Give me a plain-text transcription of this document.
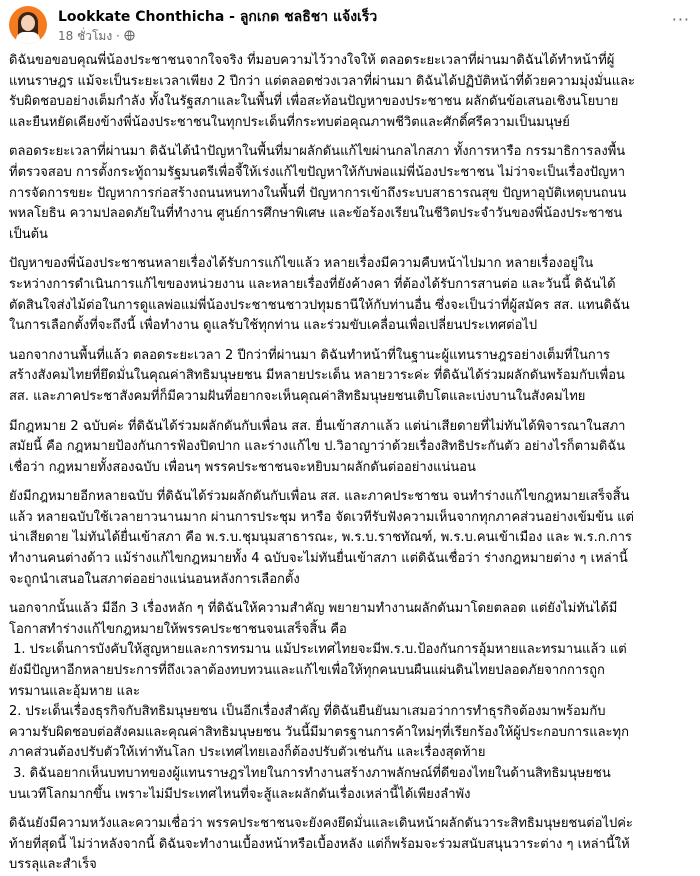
Lookkate Chonthicha - ลูกเกด ชลธิชา แจ้งเร็ว
18 ชั่วโมง ·
···

ดิฉันขอขอบคุณพี่น้องประชาชนจากใจจริง ที่มอบความไว้วางใจให้ ตลอดระยะเวลาที่ผ่านมาดิฉันได้ทำหน้าที่ผู้
แทนราษฎร แม้จะเป็นระยะเวลาเพียง 2 ปีกว่า แต่ตลอดช่วงเวลาที่ผ่านมา ดิฉันได้ปฏิบัติหน้าที่ด้วยความมุ่งมั่นและ
รับผิดชอบอย่างเต็มกำลัง ทั้งในรัฐสภาและในพื้นที่ เพื่อสะท้อนปัญหาของประชาชน ผลักดันข้อเสนอเชิงนโยบาย
และยืนหยัดเคียงข้างพี่น้องประชาชนในทุกประเด็นที่กระทบต่อคุณภาพชีวิตและศักดิ์ศรีความเป็นมนุษย์

ตลอดระยะเวลาที่ผ่านมา ดิฉันได้นำปัญหาในพื้นที่มาผลักดันแก้ไขผ่านกลไกสภา ทั้งการหารือ กรรมาธิการลงพื้น
ที่ตรวจสอบ การตั้งกระทู้ถามรัฐมนตรีเพื่อจี้ให้เร่งแก้ไขปัญหาให้กับพ่อแม่พี่น้องประชาชน ไม่ว่าจะเป็นเรื่องปัญหา
การจัดการขยะ ปัญหาการก่อสร้างถนนหนทางในพื้นที่ ปัญหาการเข้าถึงระบบสาธารณสุข ปัญหาอุบัติเหตุบนถนน
พหลโยธิน ความปลอดภัยในที่ทำงาน ศูนย์การศึกษาพิเศษ และข้อร้องเรียนในชีวิตประจำวันของพี่น้องประชาชน
เป็นต้น

ปัญหาของพี่น้องประชาชนหลายเรื่องได้รับการแก้ไขแล้ว หลายเรื่องมีความคืบหน้าไปมาก หลายเรื่องอยู่ใน
ระหว่างการดำเนินการแก้ไขของหน่วยงาน และหลายเรื่องที่ยังค้างคา ที่ต้องได้รับการสานต่อ และวันนี้ ดิฉันได้
ตัดสินใจส่งไม้ต่อในการดูแลพ่อแม่พี่น้องประชาชนชาวปทุมธานีให้กับท่านอื่น ซึ่งจะเป็นว่าที่ผู้สมัคร สส. แทนดิฉัน
ในการเลือกตั้งที่จะถึงนี้ เพื่อทำงาน ดูแลรับใช้ทุกท่าน และร่วมขับเคลื่อนเพื่อเปลี่ยนประเทศต่อไป

นอกจากงานพื้นที่แล้ว ตลอดระยะเวลา 2 ปีกว่าที่ผ่านมา ดิฉันทำหน้าที่ในฐานะผู้แทนราษฎรอย่างเต็มที่ในการ
สร้างสังคมไทยที่ยึดมั่นในคุณค่าสิทธิมนุษยชน มีหลายประเด็น หลายวาระค่ะ ที่ดิฉันได้ร่วมผลักดันพร้อมกับเพื่อน
สส. และภาคประชาสังคมที่ก็มีความฝันที่อยากจะเห็นคุณค่าสิทธิมนุษยชนเติบโตและเบ่งบานในสังคมไทย

มีกฎหมาย 2 ฉบับค่ะ ที่ดิฉันได้ร่วมผลักดันกับเพื่อน สส. ยื่นเข้าสภาแล้ว แต่น่าเสียดายที่ไม่ทันได้พิจารณาในสภา
สมัยนี้ คือ กฎหมายป้องกันการฟ้องปิดปาก และร่างแก้ไข ป.วิอาญาว่าด้วยเรื่องสิทธิประกันตัว อย่างไรก็ตามดิฉัน
เชื่อว่า กฎหมายทั้งสองฉบับ เพื่อนๆ พรรคประชาชนจะหยิบมาผลักดันต่ออย่างแน่นอน

ยังมีกฎหมายอีกหลายฉบับ ที่ดิฉันได้ร่วมผลักดันกับเพื่อน สส. และภาคประชาชน จนทำร่างแก้ไขกฎหมายเสร็จสิ้น
แล้ว หลายฉบับใช้เวลายาวนานมาก ผ่านการประชุม หารือ จัดเวทีรับฟังความเห็นจากทุกภาคส่วนอย่างเข้มข้น แต่
น่าเสียดาย ไม่ทันได้ยื่นเข้าสภา คือ พ.ร.บ.ชุมนุมสาธารณะ, พ.ร.บ.ราชทัณฑ์, พ.ร.บ.คนเข้าเมือง และ พ.ร.ก.การ
ทำงานคนต่างด้าว แม้ร่างแก้ไขกฎหมายทั้ง 4 ฉบับจะไม่ทันยื่นเข้าสภา แต่ดิฉันเชื่อว่า ร่างกฎหมายต่าง ๆ เหล่านี้
จะถูกนำเสนอในสภาต่ออย่างแน่นอนหลังการเลือกตั้ง

นอกจากนั้นแล้ว มีอีก 3 เรื่องหลัก ๆ ที่ดิฉันให้ความสำคัญ พยายามทำงานผลักดันมาโดยตลอด แต่ยังไม่ทันได้มี
โอกาสทำร่างแก้ไขกฎหมายให้พรรคประชาชนจนเสร็จสิ้น คือ
1. ประเด็นการบังคับให้สูญหายและการทรมาน แม้ประเทศไทยจะมีพ.ร.บ.ป้องกันการอุ้มหายและทรมานแล้ว แต่
ยังมีปัญหาอีกหลายประการที่ถึงเวลาต้องทบทวนและแก้ไขเพื่อให้ทุกคนบนผืนแผ่นดินไทยปลอดภัยจากการถูก
ทรมานและอุ้มหาย และ
2. ประเด็นเรื่องธุรกิจกับสิทธิมนุษยชน เป็นอีกเรื่องสำคัญ ที่ดิฉันยืนยันมาเสมอว่าการทำธุรกิจต้องมาพร้อมกับ
ความรับผิดชอบต่อสังคมและคุณค่าสิทธิมนุษยชน วันนี้มีมาตรฐานการค้าใหม่ๆที่เรียกร้องให้ผู้ประกอบการและทุก
ภาคส่วนต้องปรับตัวให้เท่าทันโลก ประเทศไทยเองก็ต้องปรับตัวเช่นกัน และเรื่องสุดท้าย
3. ดิฉันอยากเห็นบทบาทของผู้แทนราษฎรไทยในการทำงานสร้างภาพลักษณ์ที่ดีของไทยในด้านสิทธิมนุษยชน
บนเวทีโลกมากขึ้น เพราะไม่มีประเทศไหนที่จะสู้และผลักดันเรื่องเหล่านี้ได้เพียงลำพัง

ดิฉันยังมีความหวังและความเชื่อว่า พรรคประชาชนจะยังคงยึดมั่นและเดินหน้าผลักดันวาระสิทธิมนุษยชนต่อไปค่ะ
ท้ายที่สุดนี้ ไม่ว่าหลังจากนี้ ดิฉันจะทำงานเบื้องหน้าหรือเบื้องหลัง แต่ก็พร้อมจะร่วมสนับสนุนวาระต่าง ๆ เหล่านี้ให้
บรรลุและสำเร็จ
